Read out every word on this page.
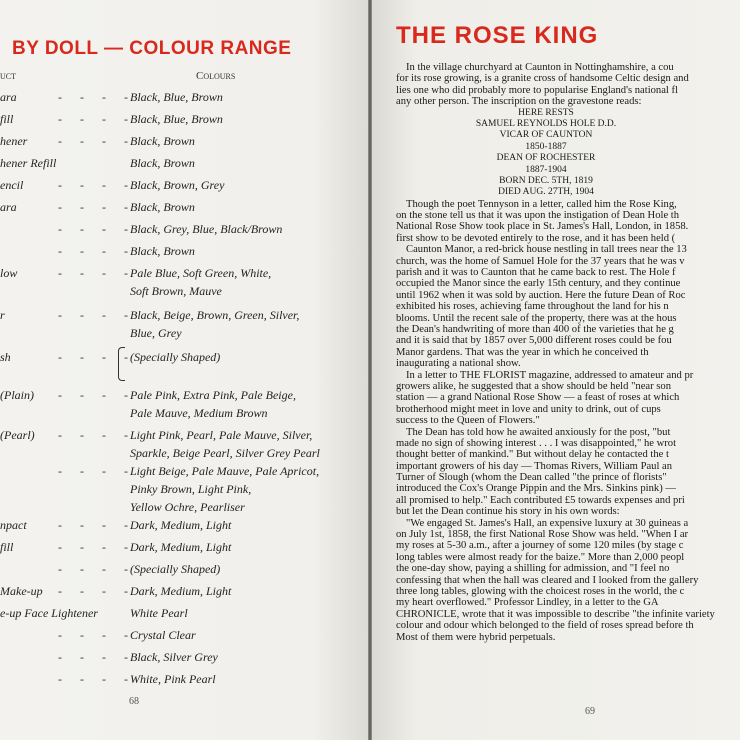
BY DOLL — COLOUR RANGE
uct	Colours
ara	-      -      -      - Black, Blue, Brown
fill	-      -      -      - Black, Blue, Brown
hener	-      -      -      - Black, Brown
hener Refill	Black, Brown
encil	-      -      -      - Black, Brown, Grey
ara	-      -      -      - Black, Brown
-      -      -      - Black, Grey, Blue, Black/Brown
-      -      -      - Black, Brown
low	-      -      -      - Pale Blue, Soft Green, White,
Soft Brown, Mauve
r	-      -      -      - Black, Beige, Brown, Green, Silver,
Blue, Grey
sh	-      -      -      - (Specially Shaped)
(Plain) -      -      -      - Pale Pink, Extra Pink, Pale Beige,
Pale Mauve, Medium Brown
(Pearl) -      -      -      - Light Pink, Pearl, Pale Mauve, Silver,
Sparkle, Beige Pearl, Silver Grey Pearl
-      -      -      - Light Beige, Pale Mauve, Pale Apricot,
Pinky Brown, Light Pink,
Yellow Ochre, Pearliser
npact	-      -      -      - Dark, Medium, Light
fill	-      -      -      - Dark, Medium, Light
-      -      -      - (Specially Shaped)
Make-up -      -      -      - Dark, Medium, Light
e-up Face Lightener	White Pearl
-      -      -      - Crystal Clear
-      -      -      - Black, Silver Grey
-      -      -      - White, Pink Pearl
68
THE ROSE KING
In the village churchyard at Caunton in Nottinghamshire, a cou
for its rose growing, is a granite cross of handsome Celtic design and
lies one who did probably more to popularise England's national fl
any other person. The inscription on the gravestone reads:
HERE RESTS
SAMUEL REYNOLDS HOLE D.D.
VICAR OF CAUNTON
1850-1887
DEAN OF ROCHESTER
1887-1904
BORN DEC. 5TH, 1819
DIED AUG. 27TH, 1904
Though the poet Tennyson in a letter, called him the Rose King,
on the stone tell us that it was upon the instigation of Dean Hole th
National Rose Show took place in St. James's Hall, London, in 1858.
first show to be devoted entirely to the rose, and it has been held (
Caunton Manor, a red-brick house nestling in tall trees near the 13
church, was the home of Samuel Hole for the 37 years that he was v
parish and it was to Caunton that he came back to rest. The Hole f
occupied the Manor since the early 15th century, and they continue
until 1962 when it was sold by auction. Here the future Dean of Roc
exhibited his roses, achieving fame throughout the land for his n
blooms. Until the recent sale of the property, there was at the hous
the Dean's handwriting of more than 400 of the varieties that he g
and it is said that by 1857 over 5,000 different roses could be fou
Manor gardens. That was the year in which he conceived th
inaugurating a national show.
In a letter to THE FLORIST magazine, addressed to amateur and pr
growers alike, he suggested that a show should be held "near son
station — a grand National Rose Show — a feast of roses at which
brotherhood might meet in love and unity to drink, out of cups
success to the Queen of Flowers."
The Dean has told how he awaited anxiously for the post, "but
made no sign of showing interest . . . I was disappointed," he wrot
thought better of mankind." But without delay he contacted the t
important growers of his day — Thomas Rivers, William Paul an
Turner of Slough (whom the Dean called "the prince of florists"
introduced the Cox's Orange Pippin and the Mrs. Sinkins pink) —
all promised to help." Each contributed £5 towards expenses and pri
but let the Dean continue his story in his own words:
"We engaged St. James's Hall, an expensive luxury at 30 guineas a
on July 1st, 1858, the first National Rose Show was held. "When I ar
my roses at 5-30 a.m., after a journey of some 120 miles (by stage c
long tables were almost ready for the baize." More than 2,000 peopl
the one-day show, paying a shilling for admission, and "I feel no
confessing that when the hall was cleared and I looked from the gallery
three long tables, glowing with the choicest roses in the world, the c
my heart overflowed." Professor Lindley, in a letter to the GA
CHRONICLE, wrote that it was impossible to describe "the infinite variety
colour and odour which belonged to the field of roses spread before th
Most of them were hybrid perpetuals.
69
